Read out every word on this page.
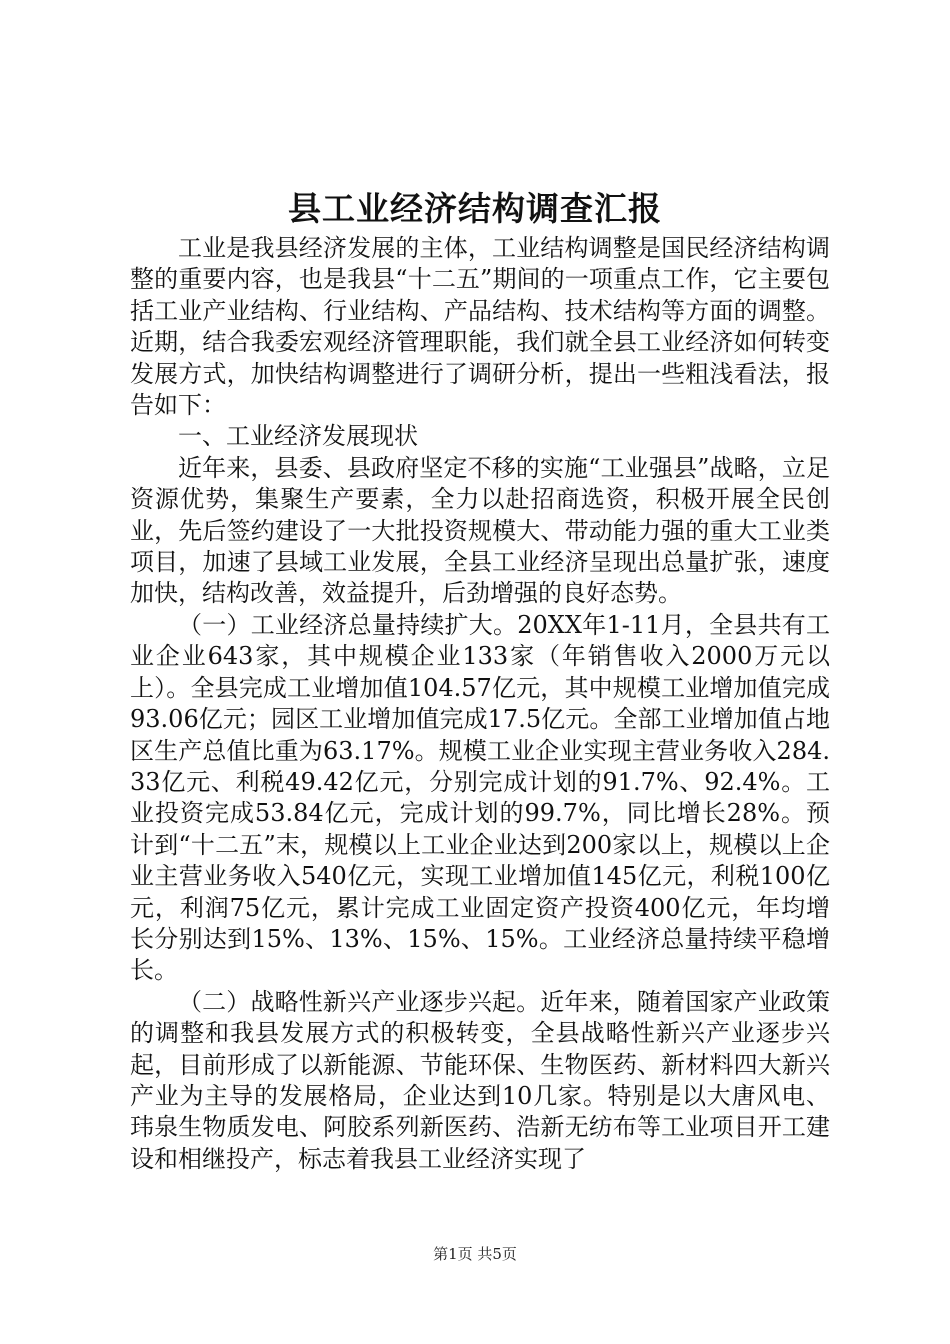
县工业经济结构调查汇报

工业是我县经济发展的主体，工业结构调整是国民经济结构调整的重要内容，也是我县“十二五”期间的一项重点工作，它主要包括工业产业结构、行业结构、产品结构、技术结构等方面的调整。近期，结合我委宏观经济管理职能，我们就全县工业经济如何转变发展方式，加快结构调整进行了调研分析，提出一些粗浅看法，报告如下：

一、工业经济发展现状

近年来，县委、县政府坚定不移的实施“工业强县”战略，立足资源优势，集聚生产要素，全力以赴招商选资，积极开展全民创业，先后签约建设了一大批投资规模大、带动能力强的重大工业类项目，加速了县域工业发展，全县工业经济呈现出总量扩张，速度加快，结构改善，效益提升，后劲增强的良好态势。

（一）工业经济总量持续扩大。20XX年1-11月，全县共有工业企业643家，其中规模企业133家（年销售收入2000万元以上）。全县完成工业增加值104.57亿元，其中规模工业增加值完成93.06亿元；园区工业增加值完成17.5亿元。全部工业增加值占地区生产总值比重为63.17%。规模工业企业实现主营业务收入284.33亿元、利税49.42亿元，分别完成计划的91.7%、92.4%。工业投资完成53.84亿元，完成计划的99.7%，同比增长28%。预计到“十二五”末，规模以上工业企业达到200家以上，规模以上企业主营业务收入540亿元，实现工业增加值145亿元，利税100亿元，利润75亿元，累计完成工业固定资产投资400亿元，年均增长分别达到15%、13%、15%、15%。工业经济总量持续平稳增长。

（二）战略性新兴产业逐步兴起。近年来，随着国家产业政策的调整和我县发展方式的积极转变，全县战略性新兴产业逐步兴起，目前形成了以新能源、节能环保、生物医药、新材料四大新兴产业为主导的发展格局，企业达到10几家。特别是以大唐风电、玮泉生物质发电、阿胶系列新医药、浩新无纺布等工业项目开工建设和相继投产，标志着我县工业经济实现了

第1页 共5页
